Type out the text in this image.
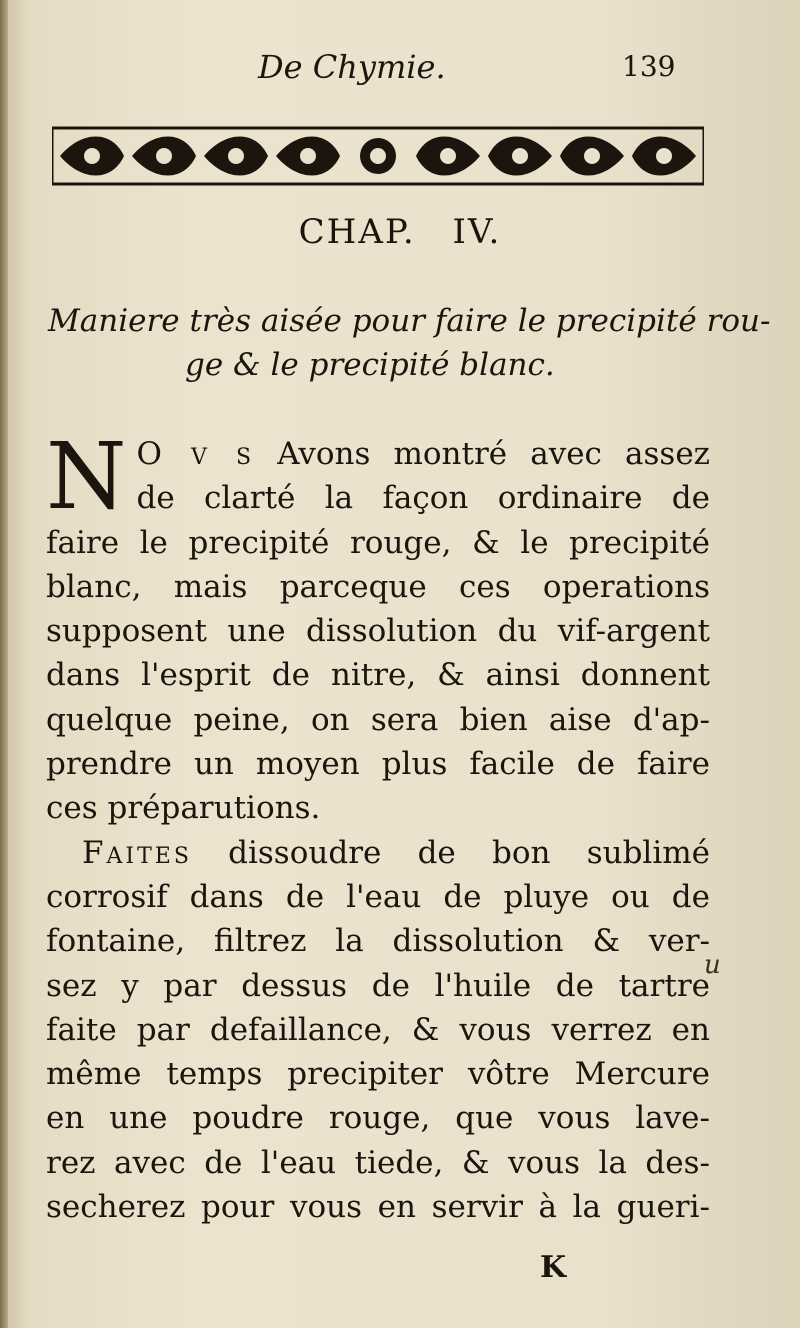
De Chymie.	139
CHAP. IV.
Maniere très aisée pour faire le precipité rou-
ge & le precipité blanc.
N O v s Avons montré avec assez
de clarté la façon ordinaire de
faire le precipité rouge, & le precipité
blanc, mais parceque ces operations
supposent une dissolution du vif-argent
dans l'esprit de nitre, & ainsi donnent
quelque peine, on sera bien aise d'ap-
prendre un moyen plus facile de faire
ces préparutions.
Faites dissoudre de bon sublimé
corrosif dans de l'eau de pluye ou de
fontaine, filtrez la dissolution & ver-
sez y par dessus de l'huile de tartre
faite par defaillance, & vous verrez en
même temps precipiter vôtre Mercure
en une poudre rouge, que vous lave-
rez avec de l'eau tiede, & vous la des-
secherez pour vous en servir à la gueri-
u
K
